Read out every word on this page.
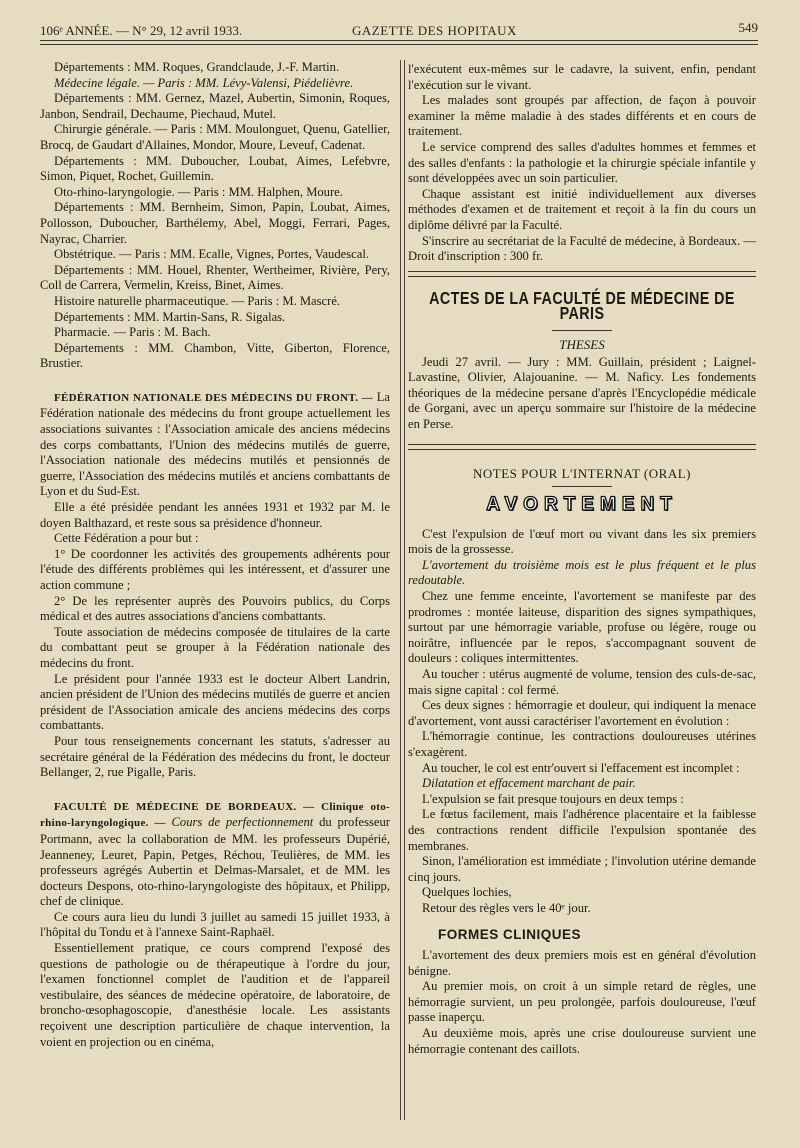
106ᵉ ANNÉE. — N° 29, 12 avril 1933.	GAZETTE DES HOPITAUX	549

Départements : MM. Roques, Grandclaude, J.-F. Martin.

Médecine légale. — Paris : MM. Lévy-Valensi, Piédelièvre.

Départements : MM. Gernez, Mazel, Aubertin, Simonin, Roques, Janbon, Sendrail, Dechaume, Piechaud, Mutel.

Chirurgie générale. — Paris : MM. Moulonguet, Quenu, Gatellier, Brocq, de Gaudart d'Allaines, Mondor, Moure, Leveuf, Cadenat.

Départements : MM. Duboucher, Loubat, Aimes, Lefebvre, Simon, Piquet, Rochet, Guillemin.

Oto-rhino-laryngologie. — Paris : MM. Halphen, Moure.

Départements : MM. Bernheim, Simon, Papin, Loubat, Aimes, Pollosson, Duboucher, Barthélemy, Abel, Moggi, Ferrari, Pages, Nayrac, Charrier.

Obstétrique. — Paris : MM. Ecalle, Vignes, Portes, Vaudescal.

Départements : MM. Houel, Rhenter, Wertheimer, Rivière, Pery, Coll de Carrera, Vermelin, Kreiss, Binet, Aimes.

Histoire naturelle pharmaceutique. — Paris : M. Mascré.

Départements : MM. Martin-Sans, R. Sigalas.

Pharmacie. — Paris : M. Bach.

Départements : MM. Chambon, Vitte, Giberton, Florence, Brustier.

FÉDÉRATION NATIONALE DES MÉDECINS DU FRONT. — La Fédération nationale des médecins du front groupe actuellement les associations suivantes : l'Association amicale des anciens médecins des corps combattants, l'Union des médecins mutilés de guerre, l'Association nationale des médecins mutilés et pensionnés de guerre, l'Association des médecins mutilés et anciens combattants de Lyon et du Sud-Est.

Elle a été présidée pendant les années 1931 et 1932 par M. le doyen Balthazard, et reste sous sa présidence d'honneur.

Cette Fédération a pour but :

1° De coordonner les activités des groupements adhérents pour l'étude des différents problèmes qui les intéressent, et d'assurer une action commune ;

2° De les représenter auprès des Pouvoirs publics, du Corps médical et des autres associations d'anciens combattants.

Toute association de médecins composée de titulaires de la carte du combattant peut se grouper à la Fédération nationale des médecins du front.

Le président pour l'année 1933 est le docteur Albert Landrin, ancien président de l'Union des médecins mutilés de guerre et ancien président de l'Association amicale des anciens médecins des corps combattants.

Pour tous renseignements concernant les statuts, s'adresser au secrétaire général de la Fédération des médecins du front, le docteur Bellanger, 2, rue Pigalle, Paris.

FACULTÉ DE MÉDECINE DE BORDEAUX. — Clinique oto-rhino-laryngologique. — Cours de perfectionnement du professeur Portmann, avec la collaboration de MM. les professeurs Dupérié, Jeanneney, Leuret, Papin, Petges, Réchou, Teulières, de MM. les professeurs agrégés Aubertin et Delmas-Marsalet, et de MM. les docteurs Despons, oto-rhino-laryngologiste des hôpitaux, et Philipp, chef de clinique.

Ce cours aura lieu du lundi 3 juillet au samedi 15 juillet 1933, à l'hôpital du Tondu et à l'annexe Saint-Raphaël.

Essentiellement pratique, ce cours comprend l'exposé des questions de pathologie ou de thérapeutique à l'ordre du jour, l'examen fonctionnel complet de l'audition et de l'appareil vestibulaire, des séances de médecine opératoire, de laboratoire, de broncho-œsophagoscopie, d'anesthésie locale. Les assistants reçoivent une description particulière de chaque intervention, la voient en projection ou en cinéma,

l'exécutent eux-mêmes sur le cadavre, la suivent, enfin, pendant l'exécution sur le vivant.

Les malades sont groupés par affection, de façon à pouvoir examiner la même maladie à des stades différents et en cours de traitement.

Le service comprend des salles d'adultes hommes et femmes et des salles d'enfants : la pathologie et la chirurgie spéciale infantile y sont développées avec un soin particulier.

Chaque assistant est initié individuellement aux diverses méthodes d'examen et de traitement et reçoit à la fin du cours un diplôme délivré par la Faculté.

S'inscrire au secrétariat de la Faculté de médecine, à Bordeaux. — Droit d'inscription : 300 fr.

ACTES DE LA FACULTÉ DE MÉDECINE DE PARIS
THESES

Jeudi 27 avril. — Jury : MM. Guillain, président ; Laignel-Lavastine, Olivier, Alajouanine. — M. Naficy. Les fondements théoriques de la médecine persane d'après l'Encyclopédie médicale de Gorgani, avec un aperçu sommaire sur l'histoire de la médecine en Perse.

NOTES POUR L'INTERNAT (ORAL)
AVORTEMENT

C'est l'expulsion de l'œuf mort ou vivant dans les six premiers mois de la grossesse.

L'avortement du troisième mois est le plus fréquent et le plus redoutable.

Chez une femme enceinte, l'avortement se manifeste par des prodromes : montée laiteuse, disparition des signes sympathiques, surtout par une hémorragie variable, profuse ou légère, rouge ou noirâtre, influencée par le repos, s'accompagnant souvent de douleurs : coliques intermittentes.

Au toucher : utérus augmenté de volume, tension des culs-de-sac, mais signe capital : col fermé.

Ces deux signes : hémorragie et douleur, qui indiquent la menace d'avortement, vont aussi caractériser l'avortement en évolution :

L'hémorragie continue, les contractions douloureuses utérines s'exagèrent.

Au toucher, le col est entr'ouvert si l'effacement est incomplet :

Dilatation et effacement marchant de pair.

L'expulsion se fait presque toujours en deux temps :

Le fœtus facilement, mais l'adhérence placentaire et la faiblesse des contractions rendent difficile l'expulsion spontanée des membranes.

Sinon, l'amélioration est immédiate ; l'involution utérine demande cinq jours.

Quelques lochies,

Retour des règles vers le 40ᵉ jour.

FORMES CLINIQUES

L'avortement des deux premiers mois est en général d'évolution bénigne.

Au premier mois, on croit à un simple retard de règles, une hémorragie survient, un peu prolongée, parfois douloureuse, l'œuf passe inaperçu.

Au deuxième mois, après une crise douloureuse survient une hémorragie contenant des caillots.
